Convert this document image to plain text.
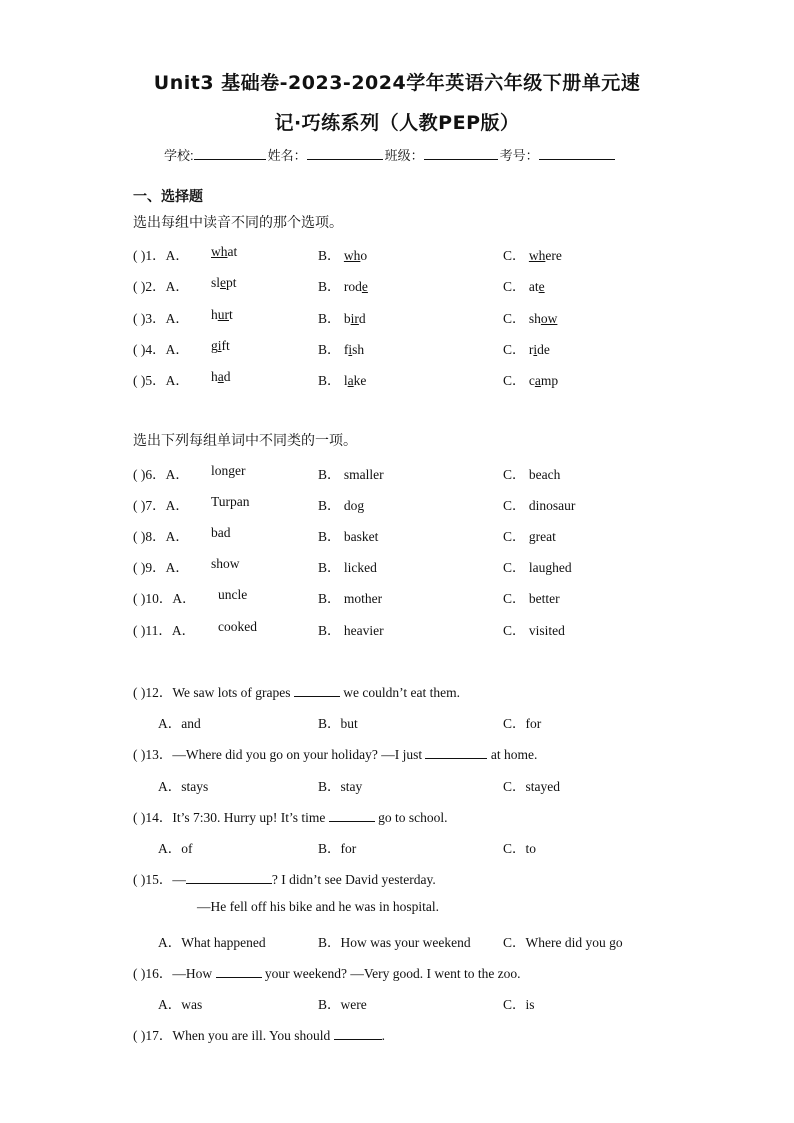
Unit3 基础卷-2023-2024学年英语六年级下册单元速
记·巧练系列（人教PEP版）
学校:	姓名：	班级：	考号：
一、选择题
选出每组中读音不同的那个选项。
( )1．A． what	B． who	C． where
( )2．A． slept	B． rode	C． ate
( )3．A． hurt	B． bird	C． show
( )4．A． gift	B． fish	C． ride
( )5．A． had	B． lake	C． camp
选出下列每组单词中不同类的一项。
( )6．A． longer	B． smaller	C． beach
( )7．A． Turpan	B． dog	C． dinosaur
( )8．A． bad	B． basket	C． great
( )9．A． show	B． licked	C． laughed
( )10．A． uncle	B． mother	C． better
( )11．A． cooked	B． heavier	C． visited
( )12．We saw lots of grapes	we couldn’t eat them.
A．and	B．but	C．for
( )13．—Where did you go on your holiday? —I just	at home.
A．stays	B．stay	C．stayed
( )14．It’s 7:30. Hurry up! It’s time	go to school.
A．of	B．for	C．to
( )15．—	? I didn’t see David yesterday.
—He fell off his bike and he was in hospital.
A．What happened	B．How was your weekend C．Where did you go
( )16．—How	your weekend? —Very good. I went to the zoo.
A．was	B．were	C．is
( )17．When you are ill. You should	.
